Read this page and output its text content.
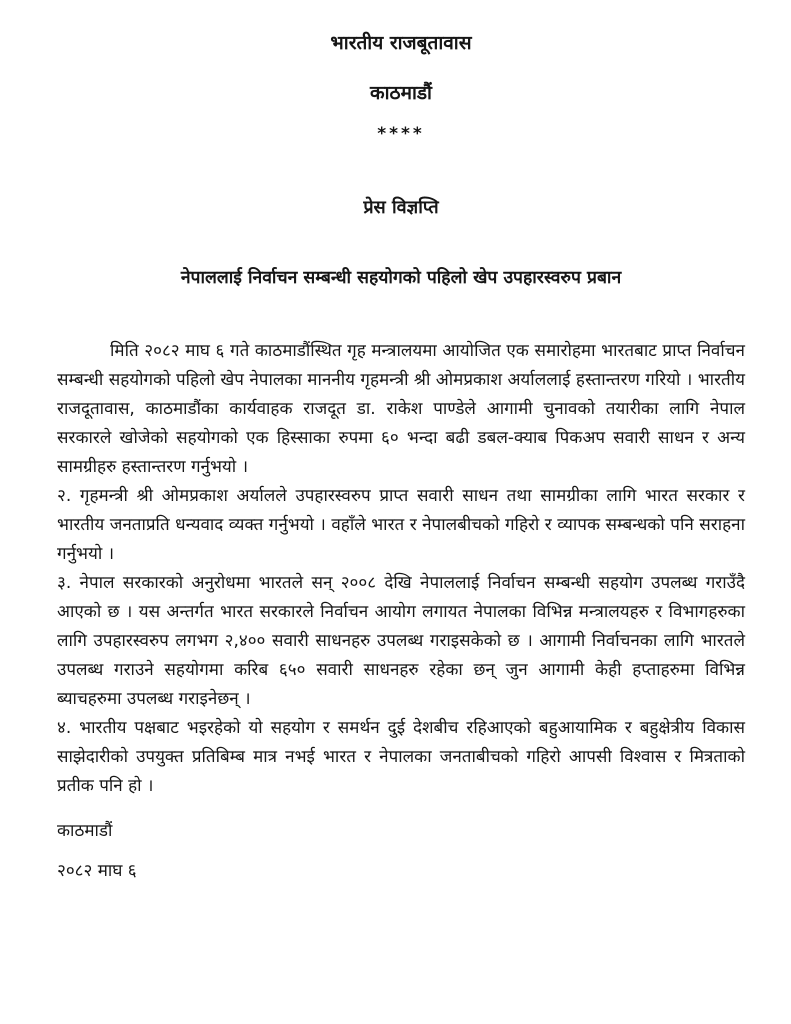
भारतीय राजबूतावास
काठमाडौं
****
प्रेस विज्ञप्ति
नेपाललाई निर्वाचन सम्बन्धी सहयोगको पहिलो खेप उपहारस्वरुप प्रबान

मिति २०८२ माघ ६ गते काठमाडौंस्थित गृह मन्त्रालयमा आयोजित एक समारोहमा भारतबाट प्राप्त निर्वाचन सम्बन्धी सहयोगको पहिलो खेप नेपालका माननीय गृहमन्त्री श्री ओमप्रकाश अर्याललाई हस्तान्तरण गरियो । भारतीय राजदूतावास, काठमाडौंका कार्यवाहक राजदूत डा. राकेश पाण्डेले आगामी चुनावको तयारीका लागि नेपाल सरकारले खोजेको सहयोगको एक हिस्साका रुपमा ६० भन्दा बढी डबल-क्याब पिकअप सवारी साधन र अन्य सामग्रीहरु हस्तान्तरण गर्नुभयो ।

२. गृहमन्त्री श्री ओमप्रकाश अर्यालले उपहारस्वरुप प्राप्त सवारी साधन तथा सामग्रीका लागि भारत सरकार र भारतीय जनताप्रति धन्यवाद व्यक्त गर्नुभयो । वहाँले भारत र नेपालबीचको गहिरो र व्यापक सम्बन्धको पनि सराहना गर्नुभयो ।

३. नेपाल सरकारको अनुरोधमा भारतले सन् २००८ देखि नेपाललाई निर्वाचन सम्बन्धी सहयोग उपलब्ध गराउँदै आएको छ । यस अन्तर्गत भारत सरकारले निर्वाचन आयोग लगायत नेपालका विभिन्न मन्त्रालयहरु र विभागहरुका लागि उपहारस्वरुप लगभग २,४०० सवारी साधनहरु उपलब्ध गराइसकेको छ । आगामी निर्वाचनका लागि भारतले उपलब्ध गराउने सहयोगमा करिब ६५० सवारी साधनहरु रहेका छन् जुन आगामी केही हप्ताहरुमा विभिन्न ब्याचहरुमा उपलब्ध गराइनेछन् ।

४. भारतीय पक्षबाट भइरहेको यो सहयोग र समर्थन दुई देशबीच रहिआएको बहुआयामिक र बहुक्षेत्रीय विकास साझेदारीको उपयुक्त प्रतिबिम्ब मात्र नभई भारत र नेपालका जनताबीचको गहिरो आपसी विश्वास र मित्रताको प्रतीक पनि हो ।

काठमाडौं
२०८२ माघ ६
